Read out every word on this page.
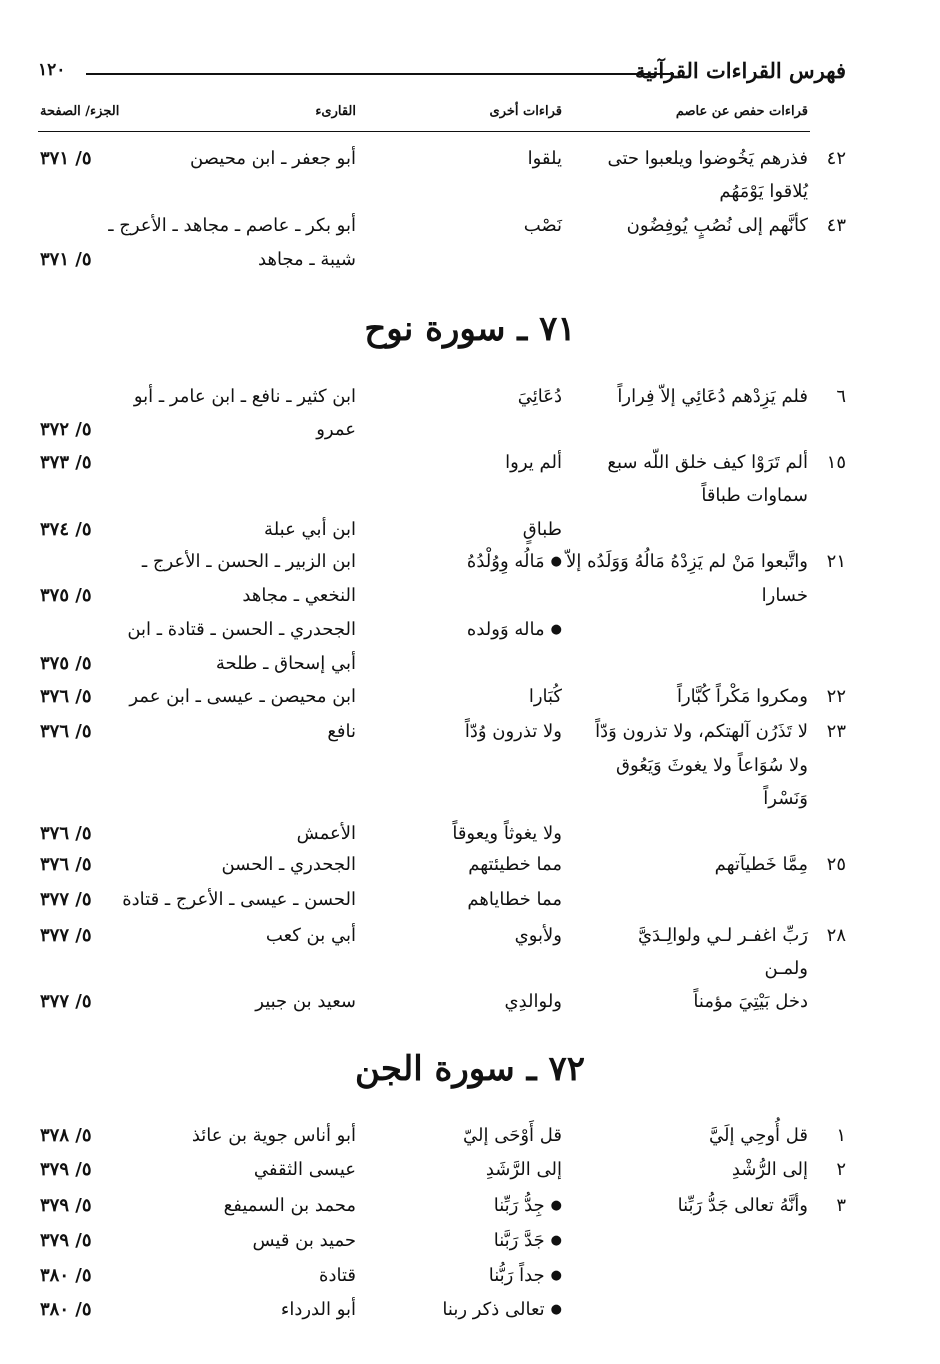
فهرس القراءات القرآنية
١٢٠
قراءات حفص عن عاصم
قراءات أخرى
القارىء
الجزء/ الصفحة
٧١ ـ سورة نوح
٧٢ ـ سورة الجن
٤٢
فذرهم يَخُوضوا ويلعبوا حتى
يلقوا
أبو جعفر ـ ابن محيصن
٥/ ٣٧١
يُلاقوا يَوْمَهُم
٤٣
كأنَّهم إلى نُصُبٍ يُوفِضُون
نَصْب
أبو بكر ـ عاصم ـ مجاهد ـ الأعرج ـ
شيبة ـ مجاهد
٥/ ٣٧١
٦
فلم يَزِدْهم دُعَائِي إلاّ فِراراً
دُعَائِيَ
ابن كثير ـ نافع ـ ابن عامر ـ أبو
عمرو
٥/ ٣٧٢
١٥
ألم تَرَوْا كيف خلق اللّه سبع
ألم يروا
٥/ ٣٧٣
سماوات طباقاً
طباقٍ
ابن أبي عبلة
٥/ ٣٧٤
٢١
واتَّبعوا مَنْ لم يَزِدْهُ مَالُهُ وَوَلَدُه إلاّ
● مَالُه وِوُلْدُهُ
ابن الزبير ـ الحسن ـ الأعرج ـ
خسارا
النخعي ـ مجاهد
٥/ ٣٧٥
● ماله وَولده
الجحدري ـ الحسن ـ قتادة ـ ابن
أبي إسحاق ـ طلحة
٥/ ٣٧٥
٢٢
ومكروا مَكْراً كُبَّاراً
كُبَارا
ابن محيصن ـ عيسى ـ ابن عمر
٥/ ٣٧٦
٢٣
لا تَذَرُن آلهتكم، ولا تذرون وَدّاً
ولا تذرون وُدّاً
نافع
٥/ ٣٧٦
ولا سُوَاعاً ولا يغوثَ وَيَعُوق
وَنَسْراً
ولا يغوثاً ويعوقاً
الأعمش
٥/ ٣٧٦
٢٥
مِمَّا خَطيآتهم
مما خطيئتهم
الجحدري ـ الحسن
٥/ ٣٧٦
مما خطاياهم
الحسن ـ عيسى ـ الأعرج ـ قتادة
٥/ ٣٧٧
٢٨
رَبِّ اغفـر لـي ولوالِـدَيَّ
ولأبوي
أبي بن كعب
٥/ ٣٧٧
ولمـن
دخل بَيْتِيَ مؤمناً
ولوالدِي
سعيد بن جبير
٥/ ٣٧٧
١
قل أُوحِي إلَيَّ
قل أَوْحَى إليّ
أبو أناس جوية بن عائذ
٥/ ٣٧٨
٢
إلى الرُّشْدِ
إلى الرَّشَدِ
عيسى الثقفي
٥/ ٣٧٩
٣
وأنَّهُ تعالى جَدُّ رَبِّنا
● جِدُّ رَبِّنا
محمد بن السميفع
٥/ ٣٧٩
● جَدَّ رَبَّنا
حميد بن قيس
٥/ ٣٧٩
● جداً رَبُّنا
قتادة
٥/ ٣٨٠
● تعالى ذكر ربنا
أبو الدرداء
٥/ ٣٨٠
